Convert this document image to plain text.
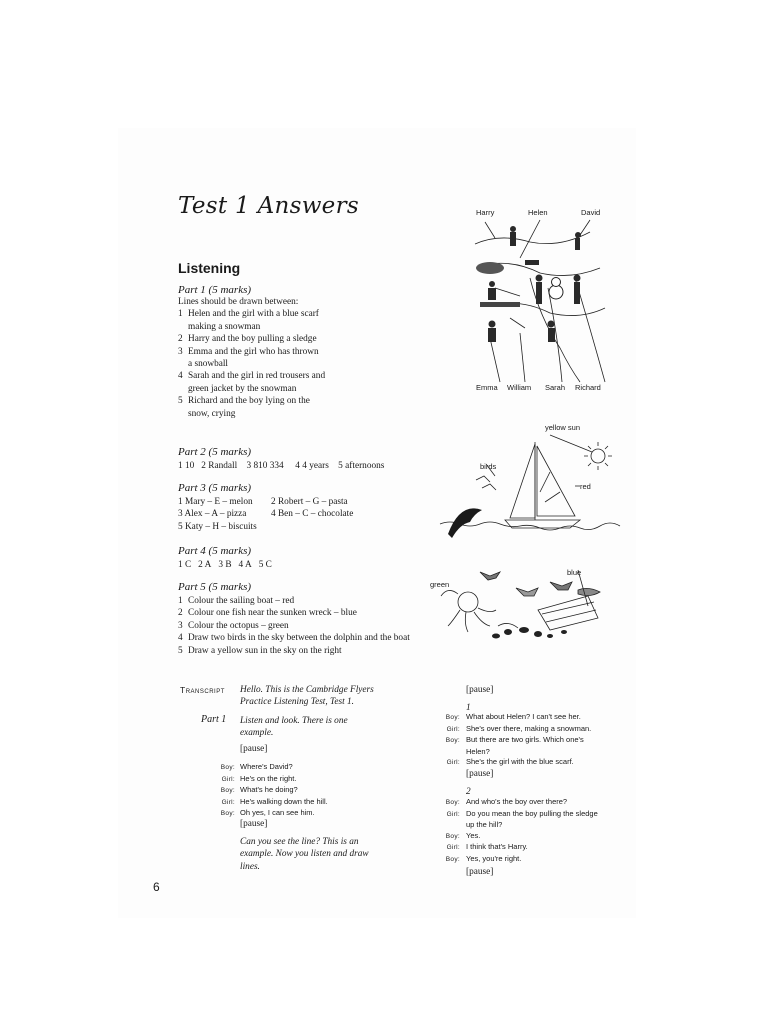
Test 1 Answers
Listening
Part 1 (5 marks)
Lines should be drawn between:
1 Helen and the girl with a blue scarf
making a snowman
2 Harry and the boy pulling a sledge
3 Emma and the girl who has thrown
a snowball
4 Sarah and the girl in red trousers and
green jacket by the snowman
5 Richard and the boy lying on the
snow, crying
Part 2 (5 marks)
1 10 2 Randall 3 810 334 4 4 years 5 afternoons
Part 3 (5 marks)
1 Mary – E – melon 2 Robert – G – pasta
3 Alex – A – pizza	4 Ben – C – chocolate
5 Katy – H – biscuits
Part 4 (5 marks)
1 C 2 A 3 B 4 A 5 C
Part 5 (5 marks)
1 Colour the sailing boat – red
2 Colour one fish near the sunken wreck – blue
3 Colour the octopus – green
4 Draw two birds in the sky between the dolphin and the boat
5 Draw a yellow sun in the sky on the right
Harry	Helen	David
Emma William Sarah Richard
yellow sun
birds
red
green
blue
Transcript Hello. This is the Cambridge Flyers
Practice Listening Test, Test 1.
Part 1 Listen and look. There is one
example.
[pause]
Boy: Where's David?
Girl: He's on the right.
Boy: What's he doing?
Girl: He's walking down the hill.
Boy: Oh yes, I can see him.
[pause]
Can you see the line? This is an
example. Now you listen and draw
lines.
[pause]
1
Boy: What about Helen? I can't see her.
Girl: She's over there, making a snowman.
Boy: But there are two girls. Which one's
Helen?
Girl: She's the girl with the blue scarf.
[pause]
2
Boy: And who's the boy over there?
Girl: Do you mean the boy pulling the sledge
up the hill?
Boy: Yes.
Girl: I think that's Harry.
Boy: Yes, you're right.
[pause]
6
